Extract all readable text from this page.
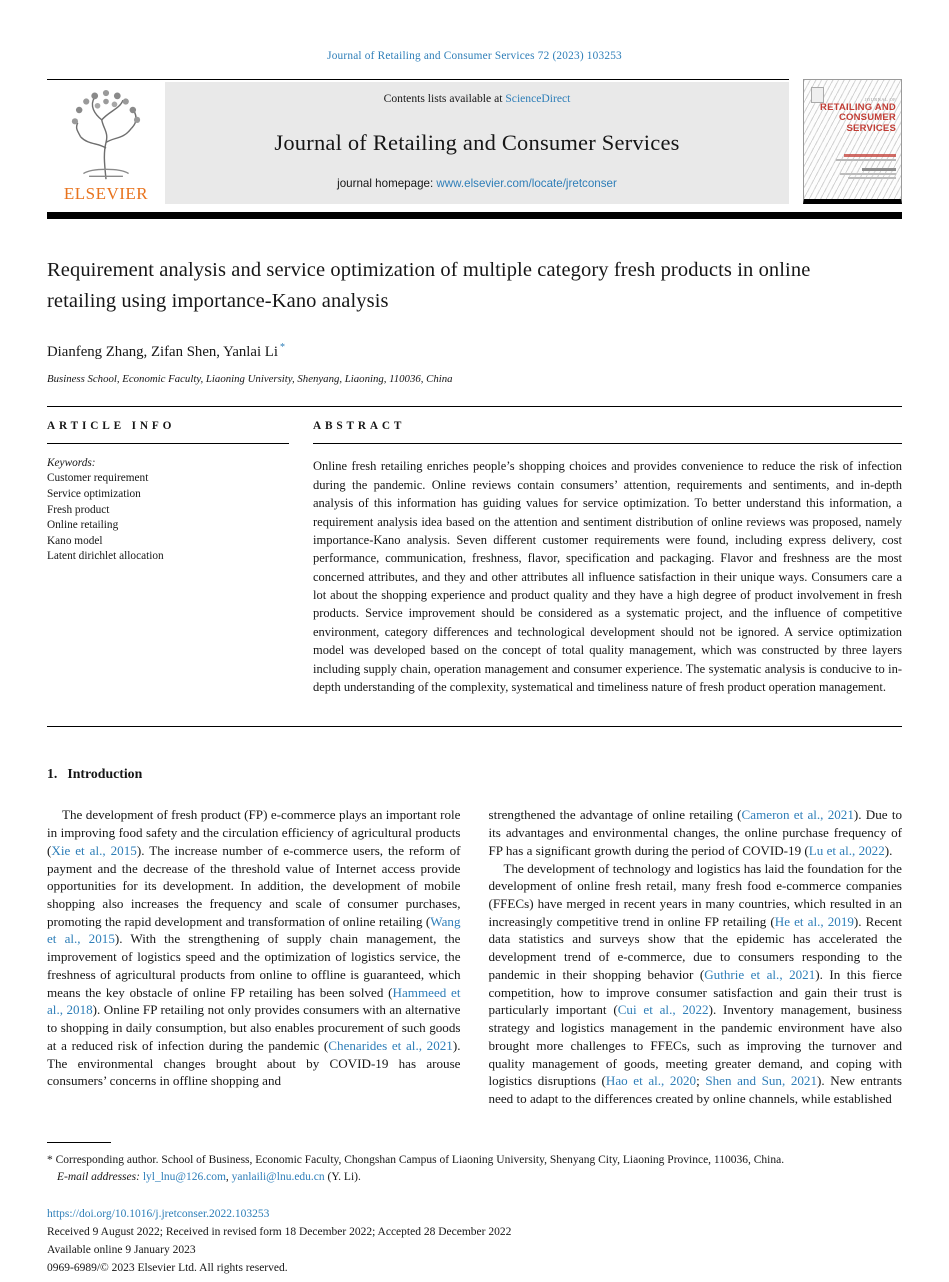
Journal of Retailing and Consumer Services 72 (2023) 103253
ELSEVIER
Contents lists available at ScienceDirect
Journal of Retailing and Consumer Services
journal homepage: www.elsevier.com/locate/jretconser
JOURNAL OF
RETAILING AND CONSUMER SERVICES
Requirement analysis and service optimization of multiple category fresh products in online retailing using importance-Kano analysis
Dianfeng Zhang, Zifan Shen, Yanlai Li *
Business School, Economic Faculty, Liaoning University, Shenyang, Liaoning, 110036, China
ARTICLE INFO
Keywords:
Customer requirement
Service optimization
Fresh product
Online retailing
Kano model
Latent dirichlet allocation
ABSTRACT
Online fresh retailing enriches people’s shopping choices and provides convenience to reduce the risk of infection during the pandemic. Online reviews contain consumers’ attention, requirements and sentiments, and in-depth analysis of this information has guiding values for service optimization. To better understand this information, a requirement analysis idea based on the attention and sentiment distribution of online reviews was proposed, namely importance-Kano analysis. Seven different customer requirements were found, including express delivery, cost performance, communication, freshness, flavor, specification and packaging. Flavor and freshness are the most concerned attributes, and they and other attributes all influence satisfaction in their unique ways. Consumers care a lot about the shopping experience and product quality and they have a high degree of product involvement in fresh products. Service improvement should be considered as a systematic project, and the influence of competitive environment, category differences and technological development should not be ignored. A service optimization model was developed based on the concept of total quality management, which was constructed by three layers including supply chain, operation management and consumer experience. The systematic analysis is conducive to in-depth understanding of the complexity, systematical and timeliness nature of fresh product operation management.
1. Introduction

The development of fresh product (FP) e-commerce plays an important role in improving food safety and the circulation efficiency of agricultural products (Xie et al., 2015). The increase number of e-commerce users, the reform of payment and the decrease of the threshold value of Internet access provide opportunities for its development. In addition, the development of mobile shopping also increases the frequency and scale of consumer purchases, promoting the rapid development and transformation of online retailing (Wang et al., 2015). With the strengthening of supply chain management, the improvement of logistics speed and the optimization of logistics service, the freshness of agricultural products from online to offline is guaranteed, which means the key obstacle of online FP retailing has been solved (Hammeed et al., 2018). Online FP retailing not only provides consumers with an alternative to shopping in daily consumption, but also enables procurement of such goods at a reduced risk of infection during the pandemic (Chenarides et al., 2021). The environmental changes brought about by COVID-19 has arouse consumers’ concerns in offline shopping and

strengthened the advantage of online retailing (Cameron et al., 2021). Due to its advantages and environmental changes, the online purchase frequency of FP has a significant growth during the period of COVID-19 (Lu et al., 2022).

The development of technology and logistics has laid the foundation for the development of online fresh retail, many fresh food e-commerce companies (FFECs) have merged in recent years in many countries, which resulted in an increasingly competitive trend in online FP retailing (He et al., 2019). Recent data statistics and surveys show that the epidemic has accelerated the development trend of e-commerce, due to consumers responding to the pandemic in their shopping behavior (Guthrie et al., 2021). In this fierce competition, how to improve consumer satisfaction and gain their trust is particularly important (Cui et al., 2022). Inventory management, business strategy and logistics management in the pandemic environment have also brought more challenges to FFECs, such as improving the turnover and quality management of goods, meeting greater demand, and coping with logistics disruptions (Hao et al., 2020; Shen and Sun, 2021). New entrants need to adapt to the differences created by online channels, while established

* Corresponding author. School of Business, Economic Faculty, Chongshan Campus of Liaoning University, Shenyang City, Liaoning Province, 110036, China.
E-mail addresses: lyl_lnu@126.com, yanlaili@lnu.edu.cn (Y. Li).
https://doi.org/10.1016/j.jretconser.2022.103253
Received 9 August 2022; Received in revised form 18 December 2022; Accepted 28 December 2022
Available online 9 January 2023
0969-6989/© 2023 Elsevier Ltd. All rights reserved.
